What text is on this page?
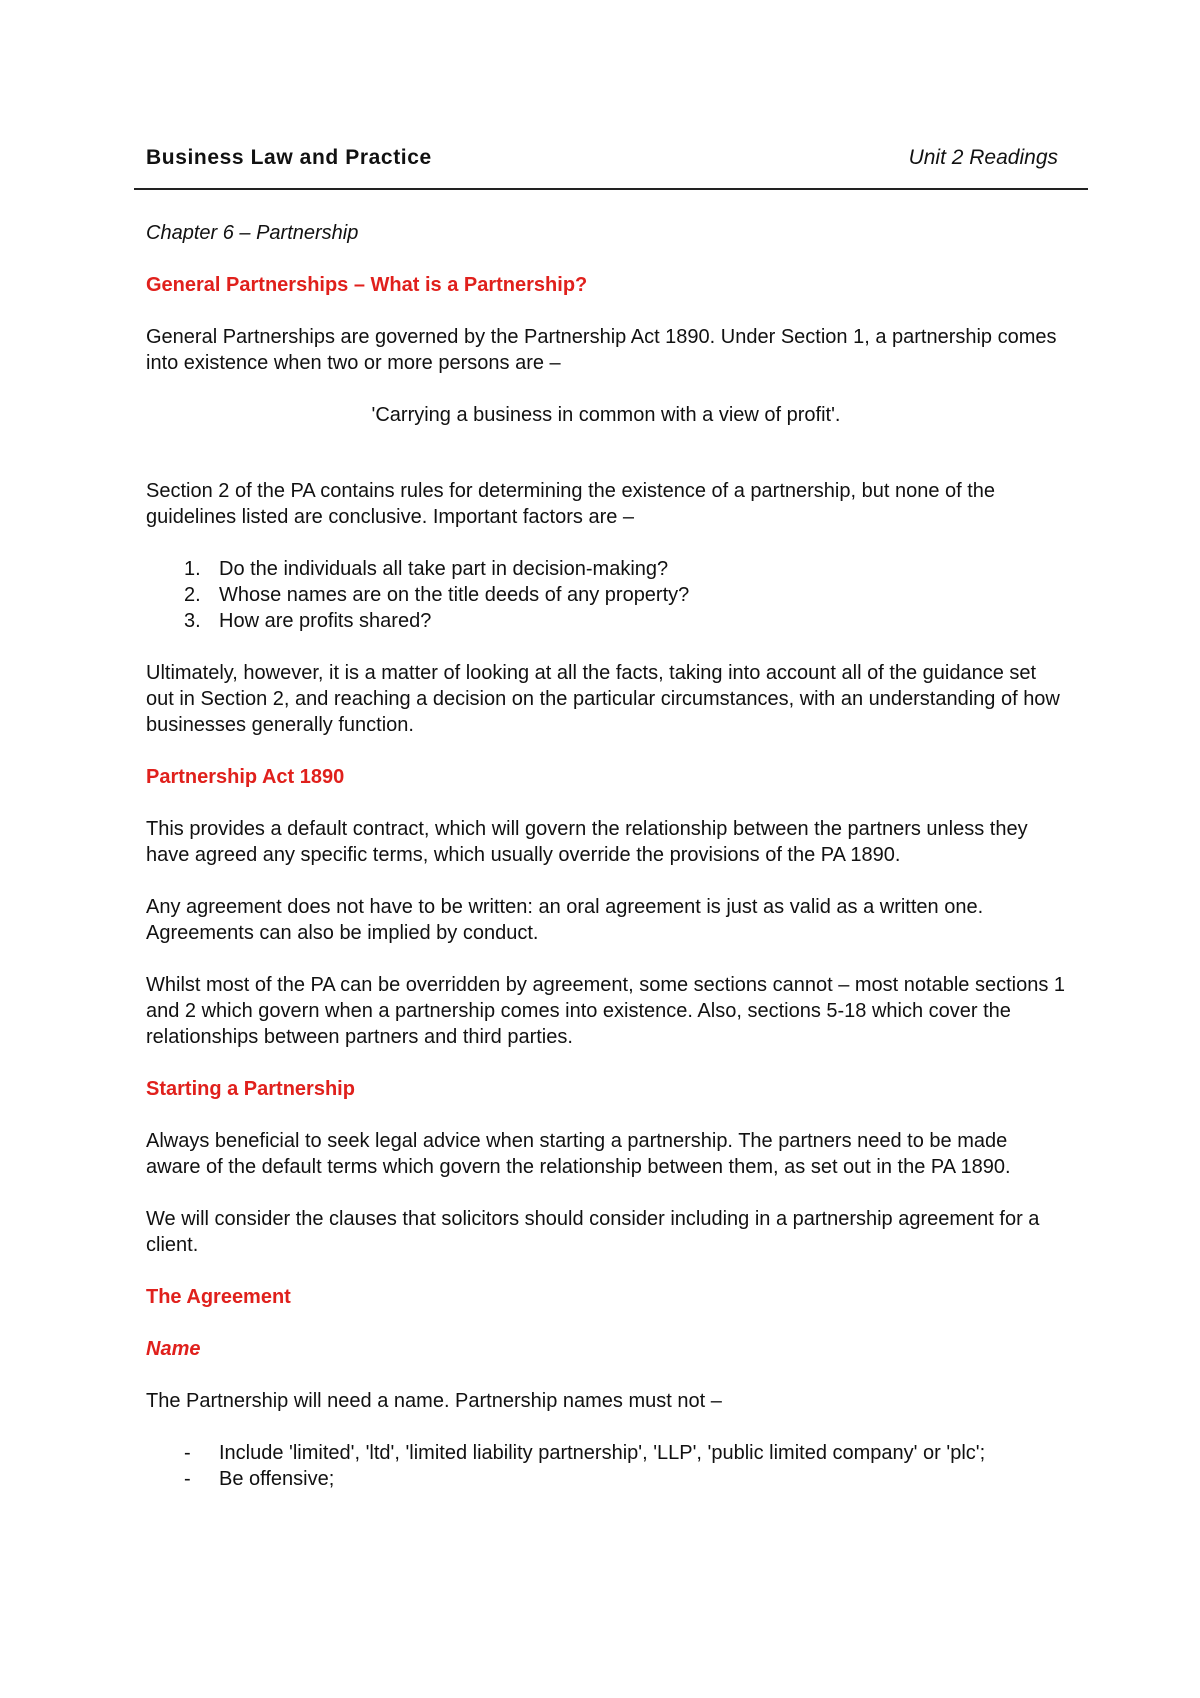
Business Law and Practice	Unit 2 Readings

Chapter 6 – Partnership

General Partnerships – What is a Partnership?

General Partnerships are governed by the Partnership Act 1890. Under Section 1, a partnership comes into existence when two or more persons are –

'Carrying a business in common with a view of profit'.

Section 2 of the PA contains rules for determining the existence of a partnership, but none of the guidelines listed are conclusive. Important factors are –

1. Do the individuals all take part in decision-making?
2. Whose names are on the title deeds of any property?
3. How are profits shared?

Ultimately, however, it is a matter of looking at all the facts, taking into account all of the guidance set out in Section 2, and reaching a decision on the particular circumstances, with an understanding of how businesses generally function.

Partnership Act 1890

This provides a default contract, which will govern the relationship between the partners unless they have agreed any specific terms, which usually override the provisions of the PA 1890.

Any agreement does not have to be written: an oral agreement is just as valid as a written one. Agreements can also be implied by conduct.

Whilst most of the PA can be overridden by agreement, some sections cannot – most notable sections 1 and 2 which govern when a partnership comes into existence. Also, sections 5-18 which cover the relationships between partners and third parties.

Starting a Partnership

Always beneficial to seek legal advice when starting a partnership. The partners need to be made aware of the default terms which govern the relationship between them, as set out in the PA 1890.

We will consider the clauses that solicitors should consider including in a partnership agreement for a client.

The Agreement
Name

The Partnership will need a name. Partnership names must not –

-	Include 'limited', 'ltd', 'limited liability partnership', 'LLP', 'public limited company' or 'plc';
-	Be offensive;
